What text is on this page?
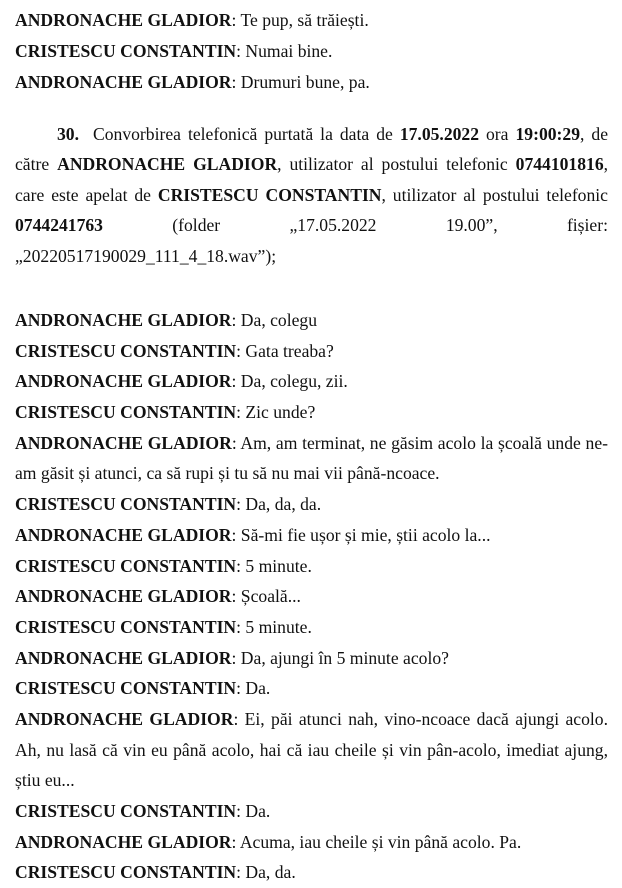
ANDRONACHE GLADIOR: Te pup, să trăiești.
CRISTESCU CONSTANTIN: Numai bine.
ANDRONACHE GLADIOR: Drumuri bune, pa.
30. Convorbirea telefonică purtată la data de 17.05.2022 ora 19:00:29, de
către ANDRONACHE GLADIOR, utilizator al postului telefonic 0744101816,
care este apelat de CRISTESCU CONSTANTIN, utilizator al postului telefonic
0744241763	(folder	„17.05.2022	19.00”,	fișier:
„20220517190029_111_4_18.wav”);
ANDRONACHE GLADIOR: Da, colegu
CRISTESCU CONSTANTIN: Gata treaba?
ANDRONACHE GLADIOR: Da, colegu, zii.
CRISTESCU CONSTANTIN: Zic unde?
ANDRONACHE GLADIOR: Am, am terminat, ne găsim acolo la școală unde ne-
am găsit și atunci, ca să rupi și tu să nu mai vii până-ncoace.
CRISTESCU CONSTANTIN: Da, da, da.
ANDRONACHE GLADIOR: Să-mi fie ușor și mie, știi acolo la...
CRISTESCU CONSTANTIN: 5 minute.
ANDRONACHE GLADIOR: Școală...
CRISTESCU CONSTANTIN: 5 minute.
ANDRONACHE GLADIOR: Da, ajungi în 5 minute acolo?
CRISTESCU CONSTANTIN: Da.
ANDRONACHE GLADIOR: Ei, păi atunci nah, vino-ncoace dacă ajungi acolo.
Ah, nu lasă că vin eu până acolo, hai că iau cheile și vin pân-acolo, imediat ajung,
știu eu...
CRISTESCU CONSTANTIN: Da.
ANDRONACHE GLADIOR: Acuma, iau cheile și vin până acolo. Pa.
CRISTESCU CONSTANTIN: Da, da.
